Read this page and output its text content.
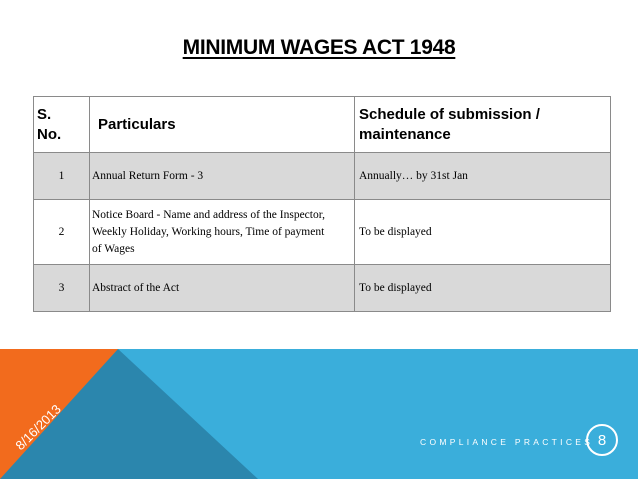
MINIMUM WAGES ACT 1948
S.
No.	Particulars	Schedule of submission /
maintenance
1	Annual Return Form - 3	Annually… by 31st Jan
2	Notice Board - Name and address of the Inspector,
Weekly Holiday, Working hours, Time of payment
of Wages	To be displayed
3	Abstract of the Act	To be displayed
8/16/2013	COMPLIANCE PRACTICES 8
